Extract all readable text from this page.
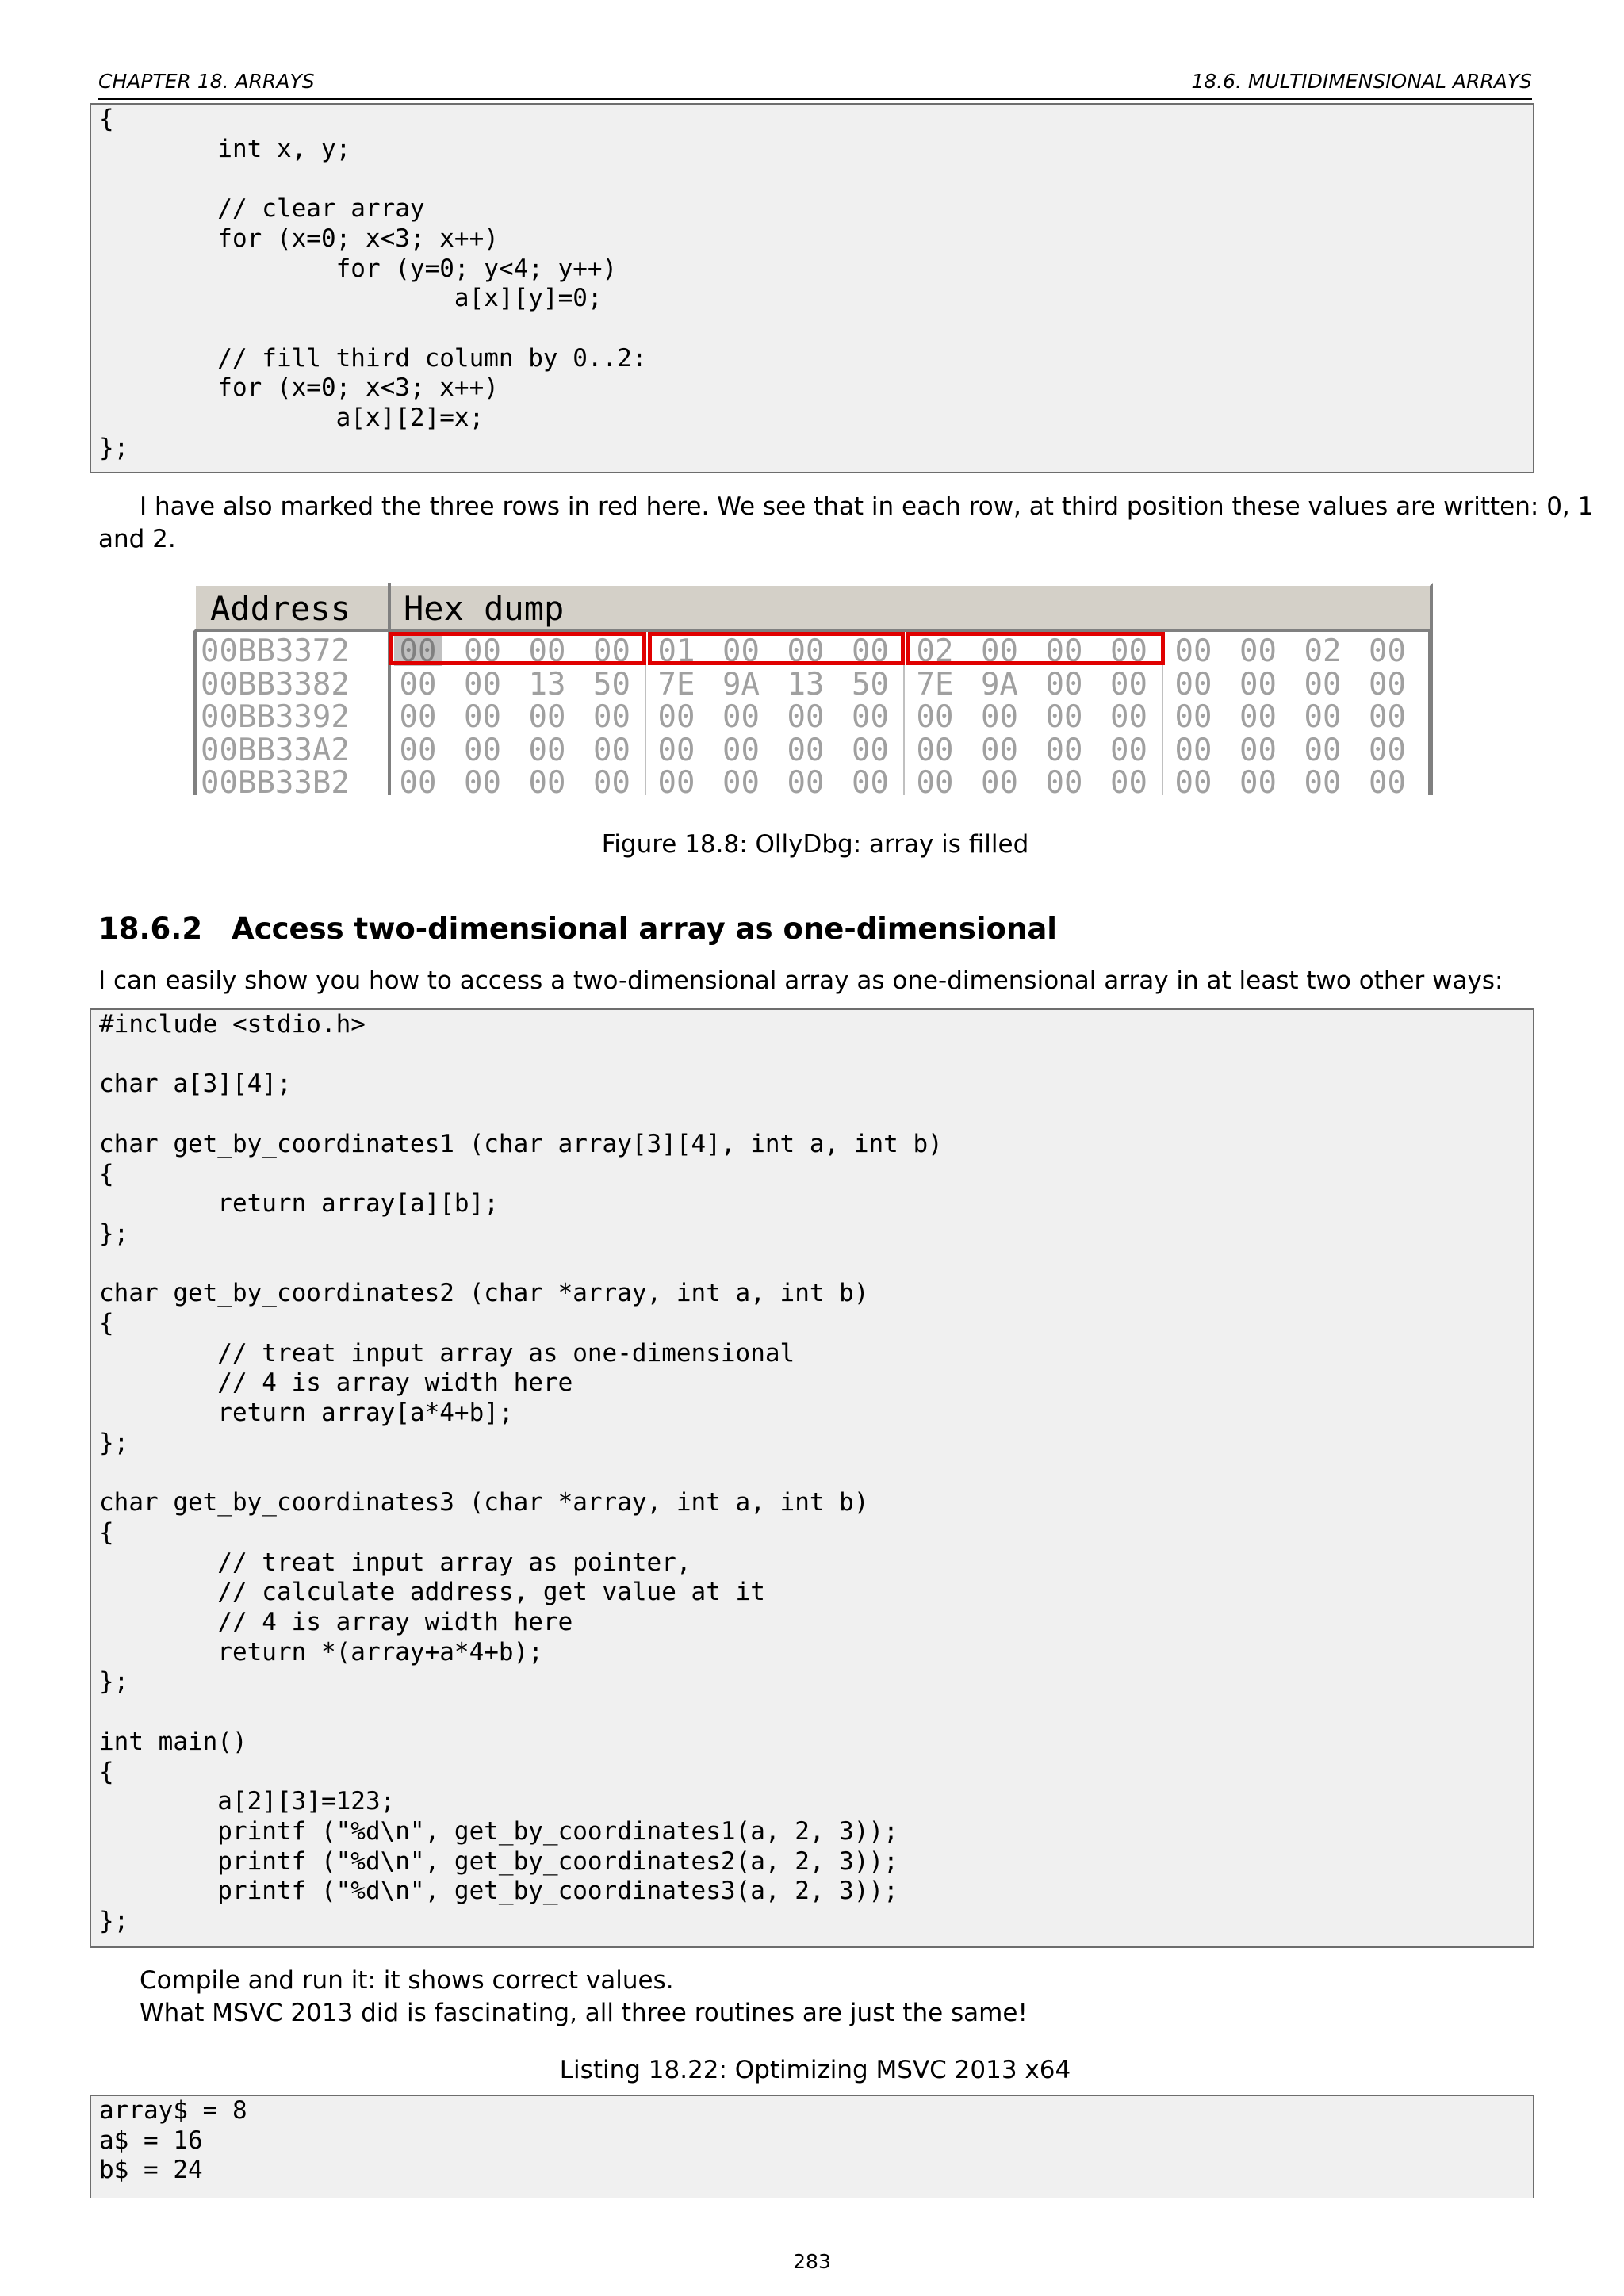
CHAPTER 18. ARRAYS	18.6. MULTIDIMENSIONAL ARRAYS
{
int x, y;

// clear array
for (x=0; x<3; x++)
for (y=0; y<4; y++)
a[x][y]=0;

// fill third column by 0..2:
for (x=0; x<3; x++)
a[x][2]=x;
};
I have also marked the three rows in red here. We see that in each row, at third position these values are written: 0, 1
and 2.
Address Hex dump
00BB3372	00 00 00 00 01 00 00 00 02 00 00 00 00 00 02 00
00BB3382	00 00 13 50 7E 9A 13 50 7E 9A 00 00 00 00 00 00
00BB3392	00 00 00 00 00 00 00 00 00 00 00 00 00 00 00 00
00BB33A2	00 00 00 00 00 00 00 00 00 00 00 00 00 00 00 00
00BB33B2	00 00 00 00 00 00 00 00 00 00 00 00 00 00 00 00
Figure 18.8: OllyDbg: array is filled
18.6.2 Access two-dimensional array as one-dimensional
I can easily show you how to access a two-dimensional array as one-dimensional array in at least two other ways:
#include <stdio.h>

char a[3][4];

char get_by_coordinates1 (char array[3][4], int a, int b)
{
return array[a][b];
};

char get_by_coordinates2 (char *array, int a, int b)
{
// treat input array as one-dimensional
// 4 is array width here
return array[a*4+b];
};

char get_by_coordinates3 (char *array, int a, int b)
{
// treat input array as pointer,
// calculate address, get value at it
// 4 is array width here
return *(array+a*4+b);
};

int main()
{
a[2][3]=123;
printf ("%d\n", get_by_coordinates1(a, 2, 3));
printf ("%d\n", get_by_coordinates2(a, 2, 3));
printf ("%d\n", get_by_coordinates3(a, 2, 3));
};
Compile and run it: it shows correct values.
What MSVC 2013 did is fascinating, all three routines are just the same!
Listing 18.22: Optimizing MSVC 2013 x64
array$ = 8
a$ = 16
b$ = 24
283
